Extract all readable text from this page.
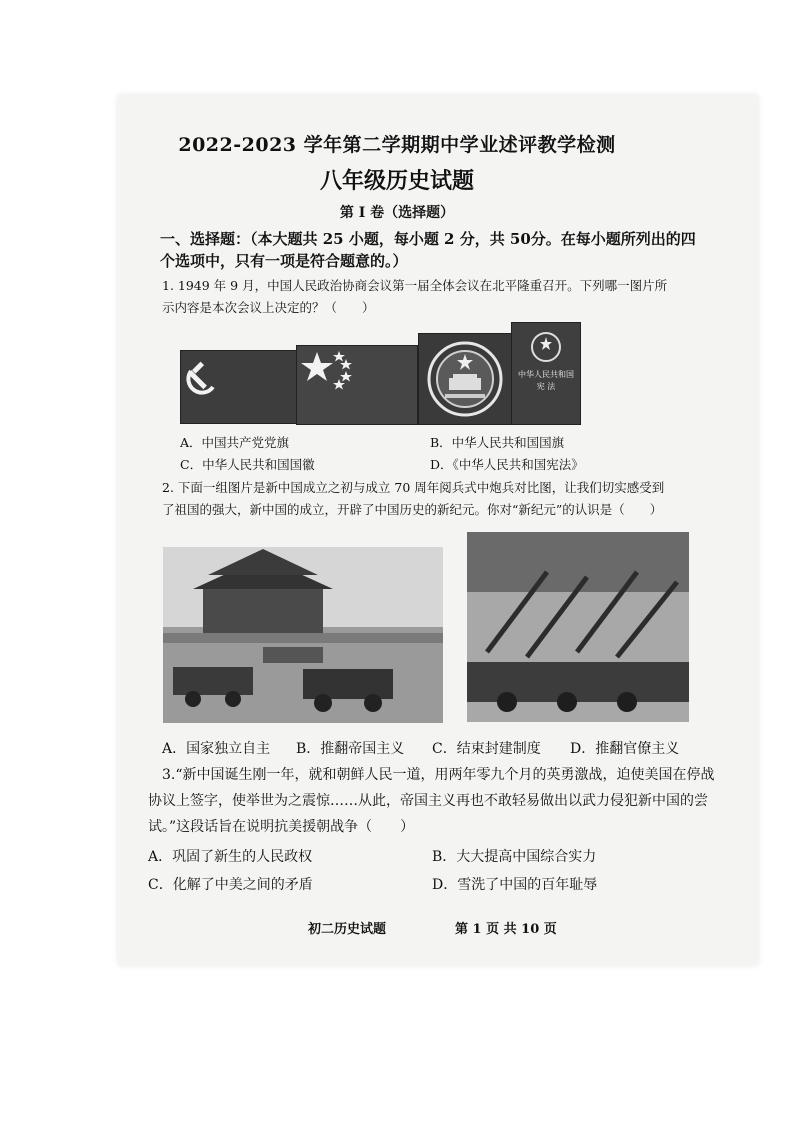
2022-2023 学年第二学期期中学业述评教学检测
八年级历史试题
第 I 卷（选择题）
一、选择题：（本大题共 25 小题，每小题 2 分，共 50分。在每小题所列出的四
个选项中，只有一项是符合题意的。）
1. 1949 年 9 月，中国人民政治协商会议第一届全体会议在北平隆重召开。下列哪一图片所
示内容是本次会议上决定的？（　　）
中华人民共和国
宪 法
A．中国共产党党旗	B．中华人民共和国国旗
C．中华人民共和国国徽	D．《中华人民共和国宪法》
2. 下面一组图片是新中国成立之初与成立 70 周年阅兵式中炮兵对比图，让我们切实感受到
了祖国的强大，新中国的成立，开辟了中国历史的新纪元。你对“新纪元”的认识是（　　）
A．国家独立自主 B．推翻帝国主义 C．结束封建制度 D．推翻官僚主义
3.“新中国诞生刚一年，就和朝鲜人民一道，用两年零九个月的英勇激战，迫使美国在停战
协议上签字，使举世为之震惊……从此，帝国主义再也不敢轻易做出以武力侵犯新中国的尝
试。”这段话旨在说明抗美援朝战争（　　）
A．巩固了新生的人民政权	B．大大提高中国综合实力
C．化解了中美之间的矛盾	D．雪洗了中国的百年耻辱
初二历史试题	第 1 页 共 10 页
